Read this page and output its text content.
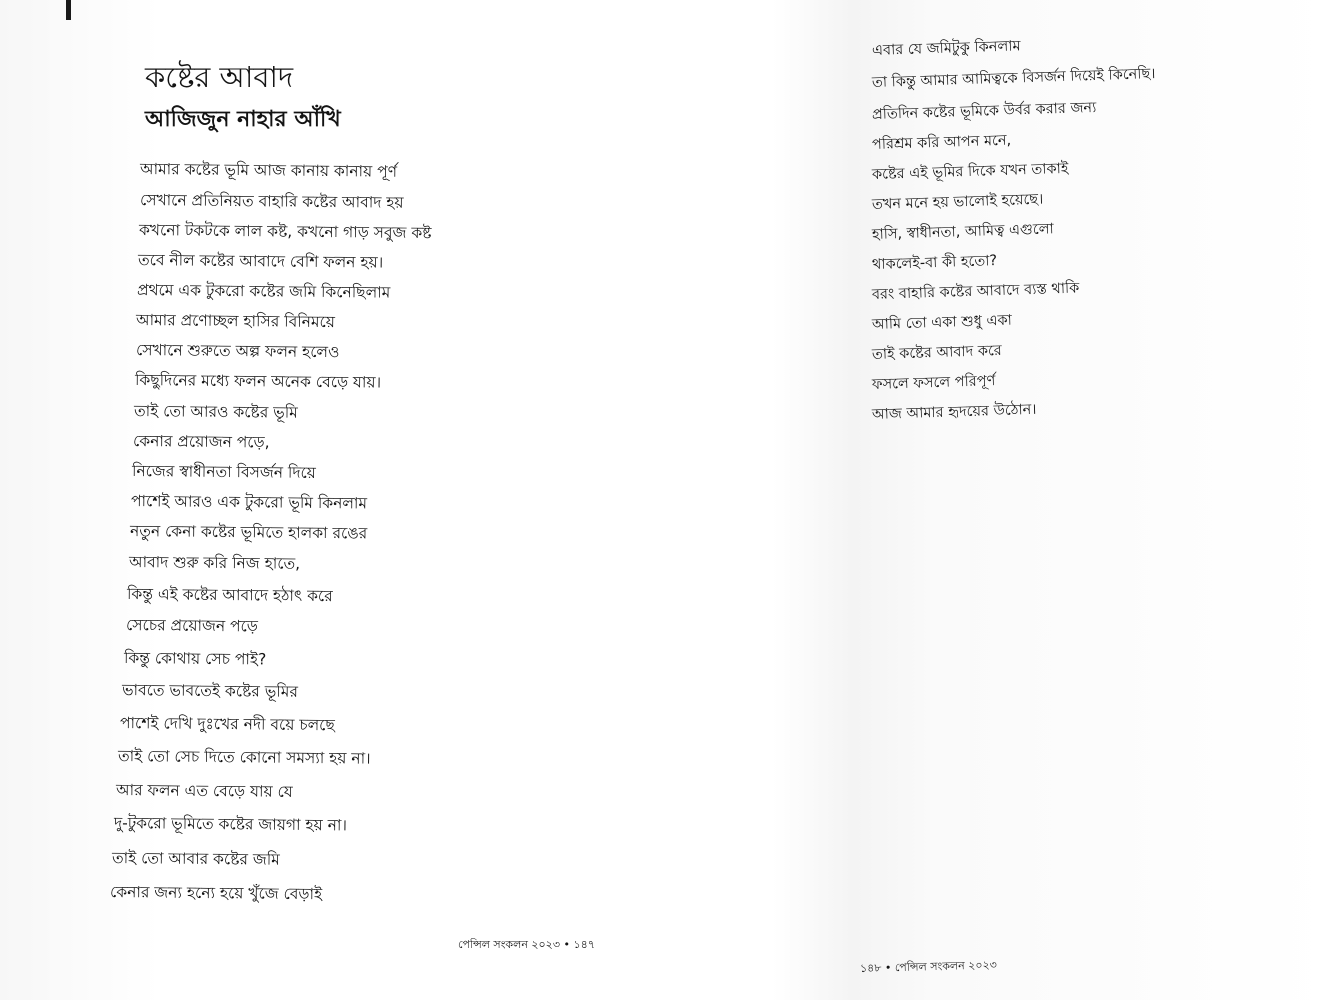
কষ্টের আবাদ
আজিজুন নাহার আঁখি
আমার কষ্টের ভূমি আজ কানায় কানায় পূর্ণ
সেখানে প্রতিনিয়ত বাহারি কষ্টের আবাদ হয়
কখনো টকটকে লাল কষ্ট, কখনো গাড় সবুজ কষ্ট
তবে নীল কষ্টের আবাদে বেশি ফলন হয়।
প্রথমে এক টুকরো কষ্টের জমি কিনেছিলাম
আমার প্রণোচ্ছল হাসির বিনিময়ে
সেখানে শুরুতে অল্প ফলন হলেও
কিছুদিনের মধ্যে ফলন অনেক বেড়ে যায়।
তাই তো আরও কষ্টের ভূমি
কেনার প্রয়োজন পড়ে,
নিজের স্বাধীনতা বিসর্জন দিয়ে
পাশেই আরও এক টুকরো ভূমি কিনলাম
নতুন কেনা কষ্টের ভূমিতে হালকা রঙের
আবাদ শুরু করি নিজ হাতে,
কিন্তু এই কষ্টের আবাদে হঠাৎ করে
সেচের প্রয়োজন পড়ে
কিন্তু কোথায় সেচ পাই?
ভাবতে ভাবতেই কষ্টের ভূমির
পাশেই দেখি দুঃখের নদী বয়ে চলছে
তাই তো সেচ দিতে কোনো সমস্যা হয় না।
আর ফলন এত বেড়ে যায় যে
দু-টুকরো ভূমিতে কষ্টের জায়গা হয় না।
তাই তো আবার কষ্টের জমি
কেনার জন্য হন্যে হয়ে খুঁজে বেড়াই
পেন্সিল সংকলন ২০২৩ • ১৪৭
এবার যে জমিটুকু কিনলাম
তা কিন্তু আমার আমিত্বকে বিসর্জন দিয়েই কিনেছি।
প্রতিদিন কষ্টের ভূমিকে উর্বর করার জন্য
পরিশ্রম করি আপন মনে,
কষ্টের এই ভূমির দিকে যখন তাকাই
তখন মনে হয় ভালোই হয়েছে।
হাসি, স্বাধীনতা, আমিত্ব এগুলো
থাকলেই-বা কী হতো?
বরং বাহারি কষ্টের আবাদে ব্যস্ত থাকি
আমি তো একা শুধু একা
তাই কষ্টের আবাদ করে
ফসলে ফসলে পরিপূর্ণ
আজ আমার হৃদয়ের উঠোন।
১৪৮ • পেন্সিল সংকলন ২০২৩
